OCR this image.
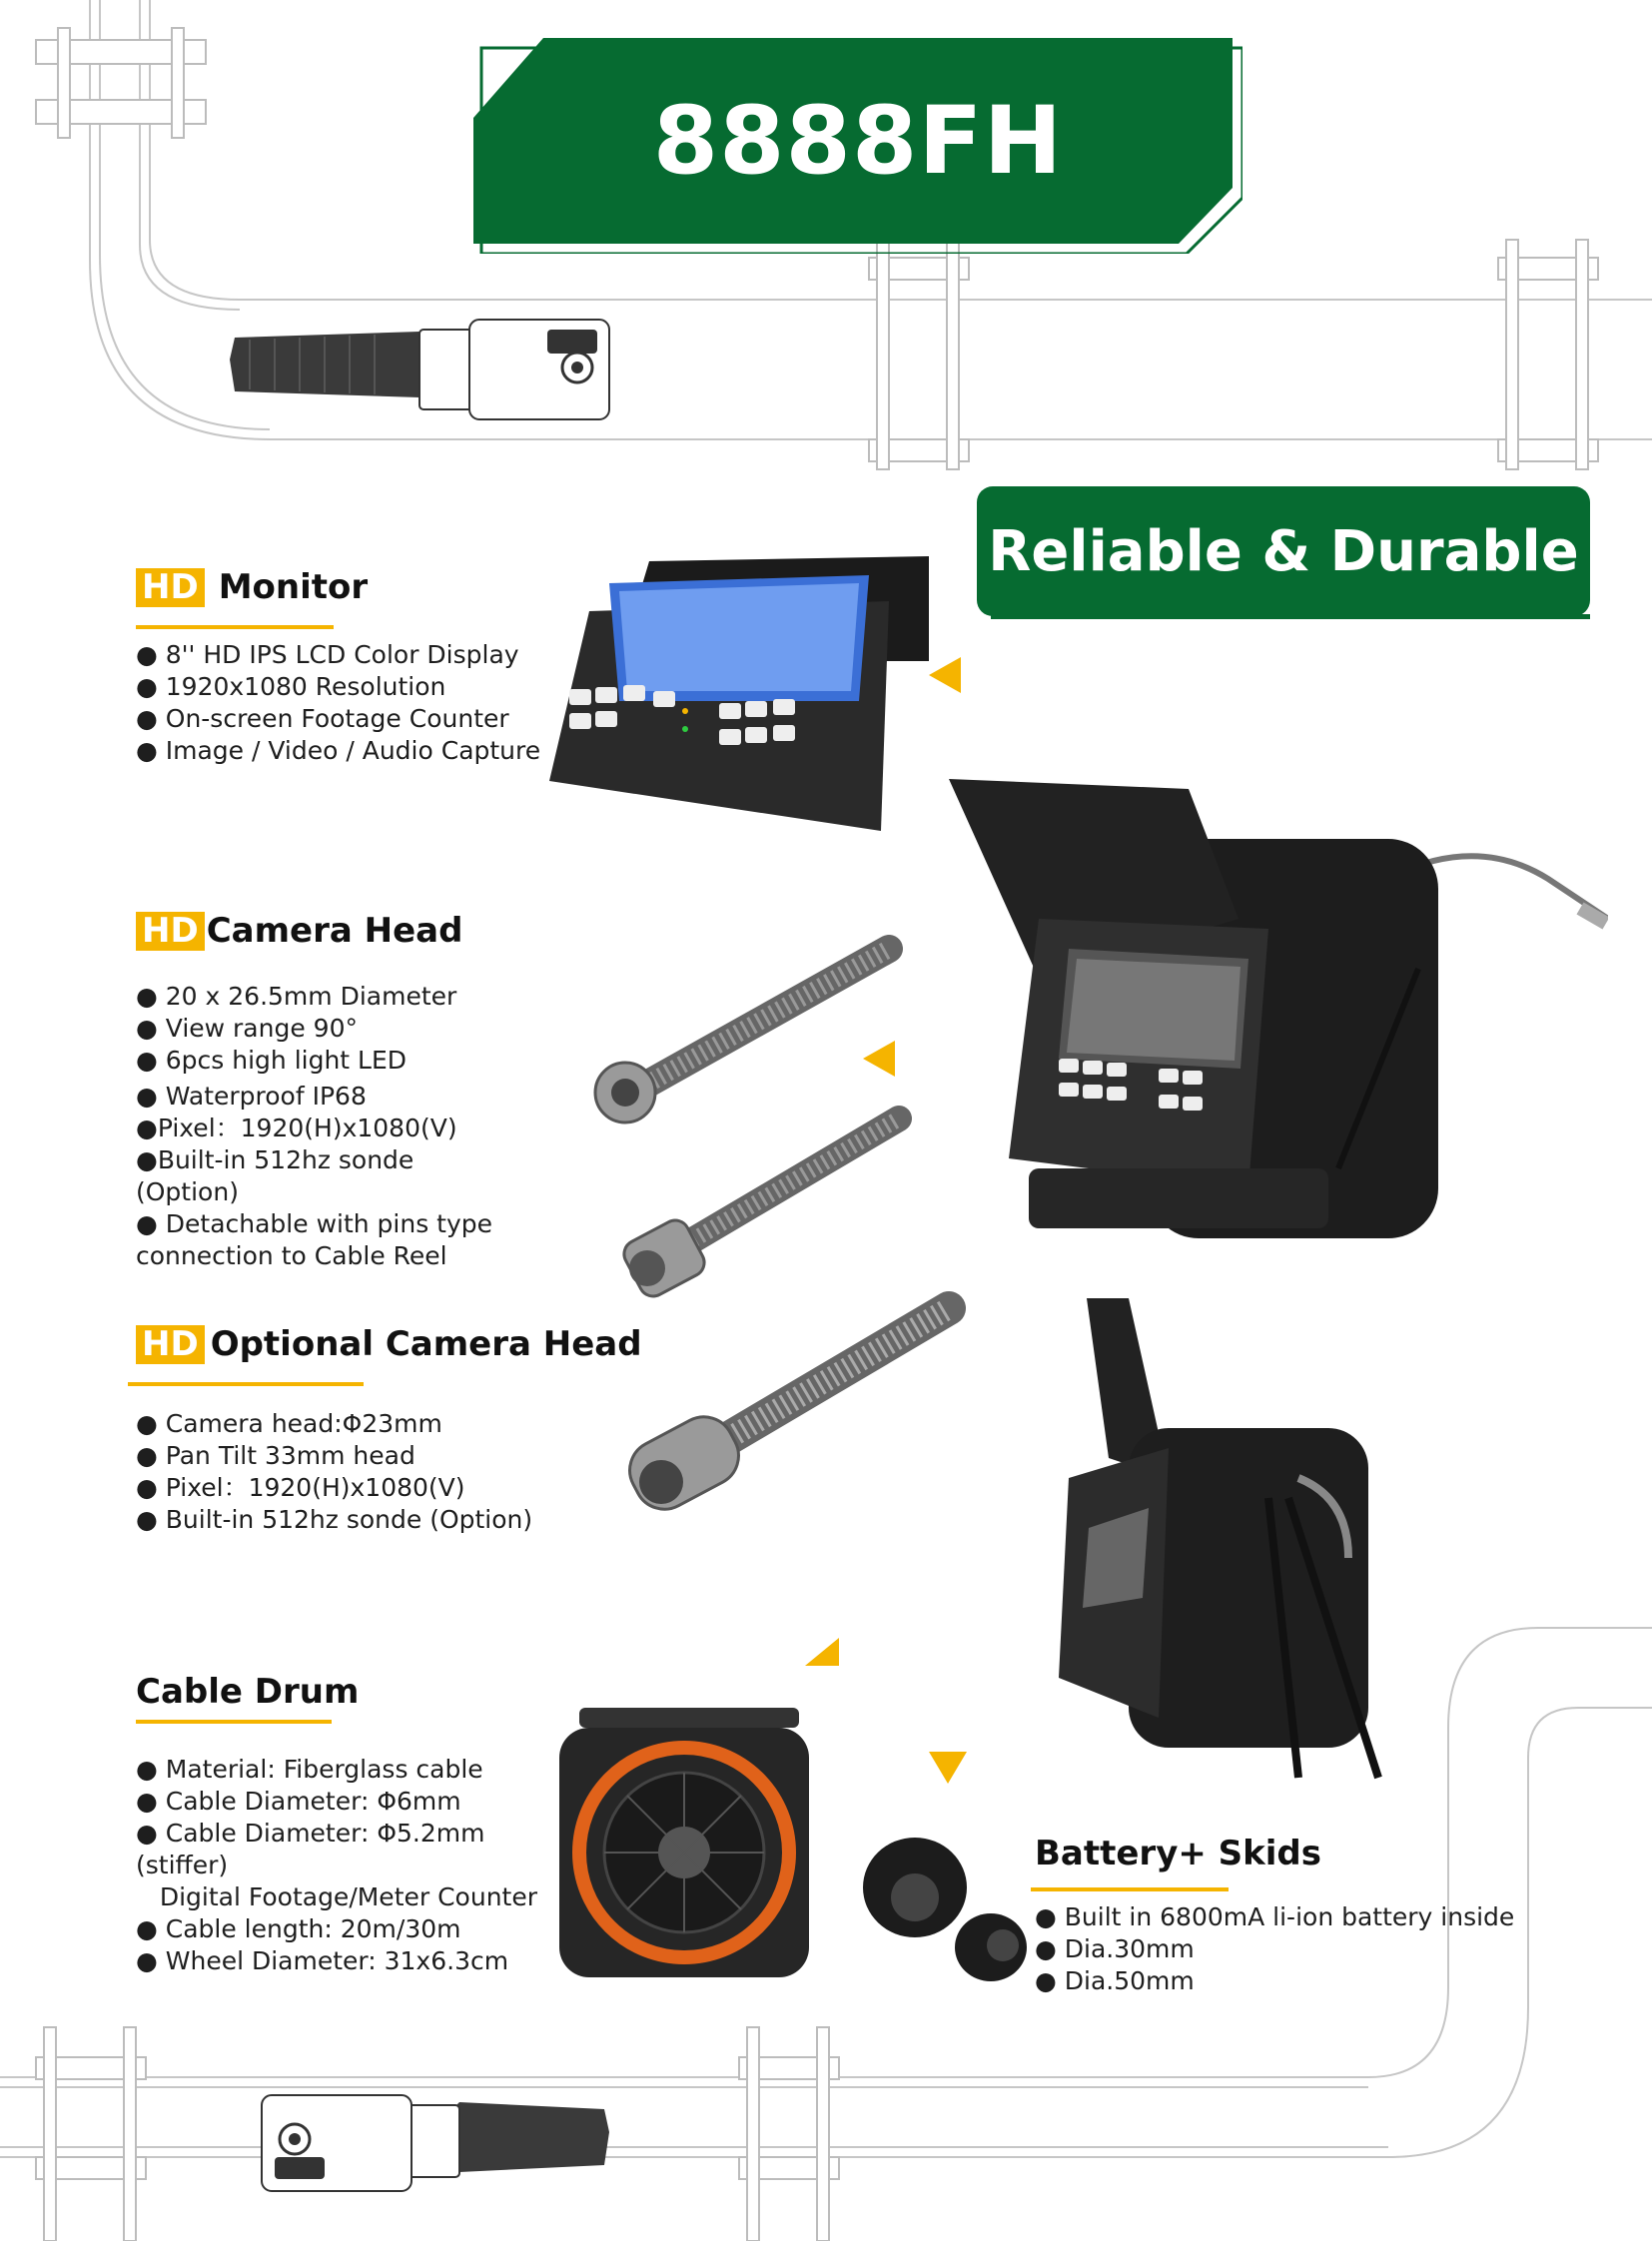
8888FH
Reliable & Durable
HD Monitor
● 8'' HD IPS LCD Color Display
● 1920x1080 Resolution
● On-screen Footage Counter
● Image / Video / Audio Capture
HD Camera Head
● 20 x 26.5mm Diameter
● View range 90°
● 6pcs high light LED
● Waterproof IP68
●Pixel：1920(H)x1080(V)
●Built-in 512hz sonde
(Option)
● Detachable with pins type
connection to Cable Reel
HD Optional Camera Head
● Camera head:Φ23mm
● Pan Tilt 33mm head
● Pixel：1920(H)x1080(V)
● Built-in 512hz sonde (Option)
Cable Drum
● Material: Fiberglass cable
● Cable Diameter: Φ6mm
● Cable Diameter: Φ5.2mm
(stiffer)
Digital Footage/Meter Counter
● Cable length: 20m/30m
● Wheel Diameter: 31x6.3cm
Battery+ Skids
● Built in 6800mA li-ion battery inside
● Dia.30mm
● Dia.50mm
